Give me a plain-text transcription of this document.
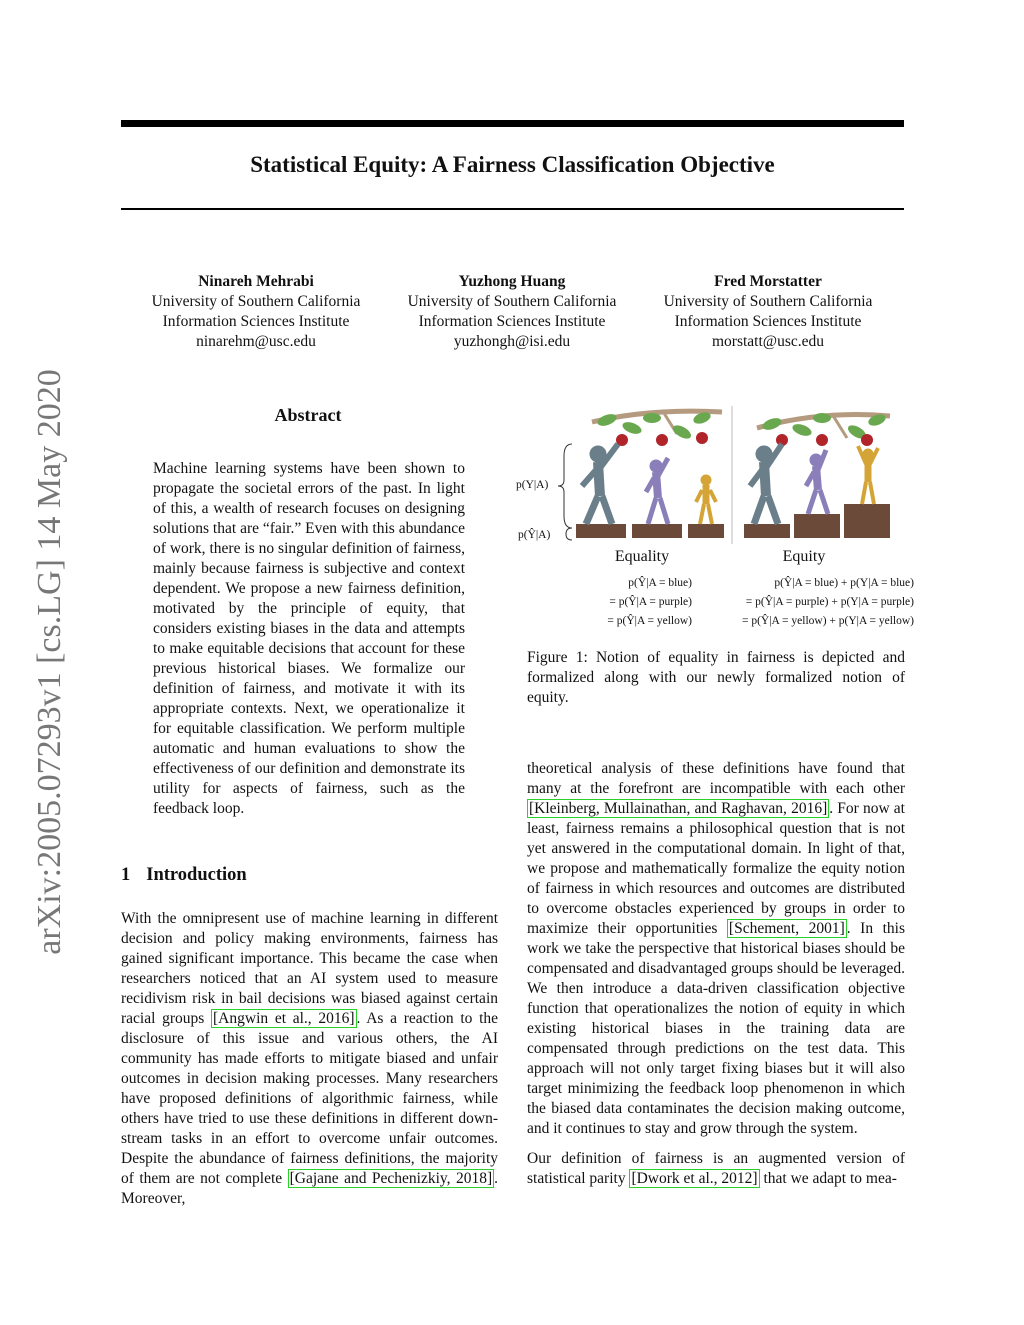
Statistical Equity: A Fairness Classification Objective
arXiv:2005.07293v1 [cs.LG] 14 May 2020
Ninareh Mehrabi
University of Southern California
Information Sciences Institute
ninarehm@usc.edu
Yuzhong Huang
University of Southern California
Information Sciences Institute
yuzhongh@isi.edu
Fred Morstatter
University of Southern California
Information Sciences Institute
morstatt@usc.edu
Abstract
Machine learning systems have been shown to propagate the societal errors of the past. In light of this, a wealth of research focuses on designing solutions that are “fair.” Even with this abundance of work, there is no singular definition of fairness, mainly because fairness is subjective and context dependent. We propose a new fairness definition, motivated by the principle of equity, that considers existing biases in the data and attempts to make equitable decisions that account for these previous historical biases. We formalize our definition of fairness, and motivate it with its appropriate contexts. Next, we operationalize it for equitable classification. We perform multiple automatic and human evaluations to show the effectiveness of our definition and demonstrate its utility for aspects of fairness, such as the feedback loop.
1 Introduction
With the omnipresent use of machine learning in different decision and policy making environments, fairness has gained significant importance. This became the case when researchers noticed that an AI system used to measure recidivism risk in bail decisions was biased against certain racial groups [Angwin et al., 2016] . As a reaction to the disclosure of this issue and various others, the AI community has made efforts to mitigate biased and unfair outcomes in decision making processes. Many researchers have proposed definitions of algorithmic fairness, while others have tried to use these definitions in different down-stream tasks in an effort to overcome unfair outcomes. Despite the abundance of fairness definitions, the majority of them are not complete [Gajane and Pechenizkiy, 2018] . Moreover,

theoretical analysis of these definitions have found that many at the forefront are incompatible with each other [Kleinberg, Mullainathan, and Raghavan, 2016] . For now at least, fairness remains a philosophical question that is not yet answered in the computational domain. In light of that, we propose and mathematically formalize the equity notion of fairness in which resources and outcomes are distributed to overcome obstacles experienced by groups in order to maximize their opportunities [Schement, 2001] . In this work we take the perspective that historical biases should be compensated and disadvantaged groups should be leveraged. We then introduce a data-driven classification objective function that operationalizes the notion of equity in which existing historical biases in the training data are compensated through predictions on the test data. This approach will not only target fixing biases but it will also target minimizing the feedback loop phenomenon in which the biased data contaminates the decision making outcome, and it continues to stay and grow through the system.

Our definition of fairness is an augmented version of statistical parity [Dwork et al., 2012] that we adapt to mea-

p(Y|A)
p(Ŷ|A)
Equality	Equity
p(Ŷ|A = blue)
= p(Ŷ|A = purple)
= p(Ŷ|A = yellow)
p(Ŷ|A = blue) + p(Y|A = blue)
= p(Ŷ|A = purple) + p(Y|A = purple)
= p(Ŷ|A = yellow) + p(Y|A = yellow)
Figure 1: Notion of equality in fairness is depicted and formalized along with our newly formalized notion of equity.
